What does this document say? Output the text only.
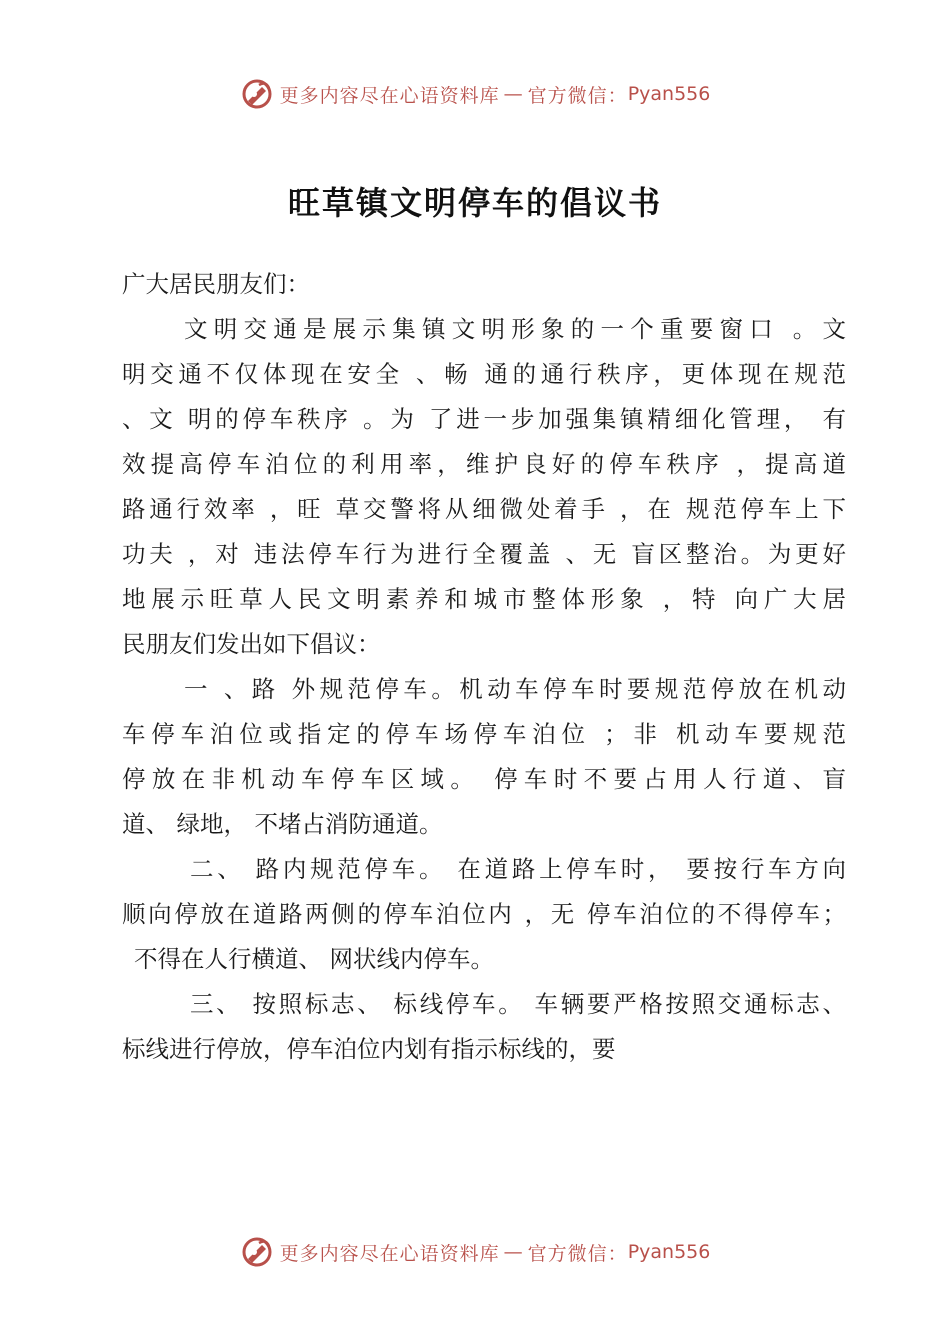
更多内容尽在心语资料库 — 官方微信： Pyan556
旺草镇文明停车的倡议书
广大居民朋友们：
文明交通是展示集镇文明形象的一个重要窗口 。文
明交通不仅体现在安全 、畅 通的通行秩序，更体现在规范
、文 明的停车秩序 。为 了进一步加强集镇精细化管理， 有
效提高停车泊位的利用率，维护良好的停车秩序 ，提高道
路通行效率 ，旺 草交警将从细微处着手 ，在 规范停车上下
功夫 ，对 违法停车行为进行全覆盖 、无 盲区整治。为更好
地展示旺草人民文明素养和城市整体形象 ，特 向广大居
民朋友们发出如下倡议：
一 、路 外规范停车。机动车停车时要规范停放在机动
车停车泊位或指定的停车场停车泊位 ；非 机动车要规范
停放在非机动车停车区域。 停车时不要占用人行道、盲
道、 绿地， 不堵占消防通道。
二、 路内规范停车。 在道路上停车时， 要按行车方向
顺向停放在道路两侧的停车泊位内 ，无 停车泊位的不得停车；
不得在人行横道、 网状线内停车。
三、 按照标志、 标线停车。 车辆要严格按照交通标志、
标线进行停放，停车泊位内划有指示标线的，要
更多内容尽在心语资料库 — 官方微信： Pyan556
